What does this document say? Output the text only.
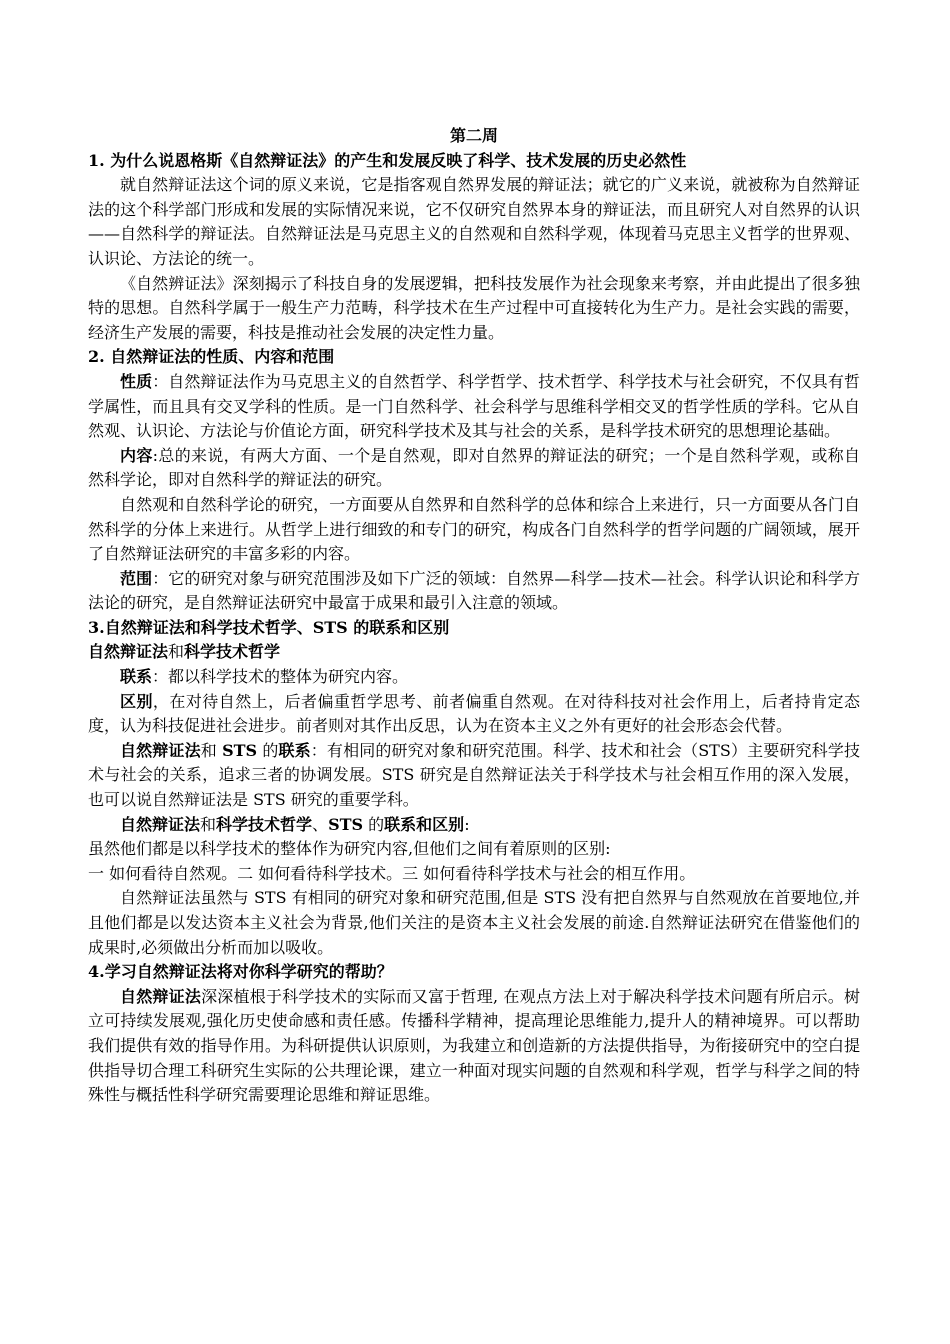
第二周

1. 为什么说恩格斯《自然辩证法》的产生和发展反映了科学、技术发展的历史必然性

就自然辩证法这个词的原义来说，它是指客观自然界发展的辩证法；就它的广义来说，就被称为自然辩证法的这个科学部门形成和发展的实际情况来说，它不仅研究自然界本身的辩证法，而且研究人对自然界的认识——自然科学的辩证法。自然辩证法是马克思主义的自然观和自然科学观，体现着马克思主义哲学的世界观、认识论、方法论的统一。

《自然辨证法》深刻揭示了科技自身的发展逻辑，把科技发展作为社会现象来考察，并由此提出了很多独特的思想。自然科学属于一般生产力范畴，科学技术在生产过程中可直接转化为生产力。是社会实践的需要，经济生产发展的需要，科技是推动社会发展的决定性力量。

2. 自然辩证法的性质、内容和范围

性质：自然辩证法作为马克思主义的自然哲学、科学哲学、技术哲学、科学技术与社会研究，不仅具有哲学属性，而且具有交叉学科的性质。是一门自然科学、社会科学与思维科学相交叉的哲学性质的学科。它从自然观、认识论、方法论与价值论方面，研究科学技术及其与社会的关系，是科学技术研究的思想理论基础。

内容:总的来说，有两大方面、一个是自然观，即对自然界的辩证法的研究；一个是自然科学观，或称自然科学论，即对自然科学的辩证法的研究。

自然观和自然科学论的研究，一方面要从自然界和自然科学的总体和综合上来进行，只一方面要从各门自然科学的分体上来进行。从哲学上进行细致的和专门的研究，构成各门自然科学的哲学问题的广阔领域，展开了自然辩证法研究的丰富多彩的内容。

范围：它的研究对象与研究范围涉及如下广泛的领域：自然界—科学—技术—社会。科学认识论和科学方法论的研究，是自然辩证法研究中最富于成果和最引入注意的领域。

3.自然辩证法和科学技术哲学、STS 的联系和区别

自然辩证法和科学技术哲学

联系：都以科学技术的整体为研究内容。

区别，在对待自然上，后者偏重哲学思考、前者偏重自然观。在对待科技对社会作用上，后者持肯定态度，认为科技促进社会进步。前者则对其作出反思，认为在资本主义之外有更好的社会形态会代替。

自然辩证法和 STS 的联系：有相同的研究对象和研究范围。科学、技术和社会（STS）主要研究科学技术与社会的关系，追求三者的协调发展。STS 研究是自然辩证法关于科学技术与社会相互作用的深入发展，也可以说自然辩证法是 STS 研究的重要学科。

自然辩证法和科学技术哲学、STS 的联系和区别:

虽然他们都是以科学技术的整体作为研究内容,但他们之间有着原则的区别:

一 如何看待自然观。二 如何看待科学技术。三 如何看待科学技术与社会的相互作用。

自然辩证法虽然与 STS 有相同的研究对象和研究范围,但是 STS 没有把自然界与自然观放在首要地位,并且他们都是以发达资本主义社会为背景,他们关注的是资本主义社会发展的前途.自然辩证法研究在借鉴他们的成果时,必须做出分析而加以吸收。

4.学习自然辩证法将对你科学研究的帮助？

自然辩证法深深植根于科学技术的实际而又富于哲理, 在观点方法上对于解决科学技术问题有所启示。树立可持续发展观,强化历史使命感和责任感。传播科学精神，提高理论思维能力,提升人的精神境界。可以帮助我们提供有效的指导作用。为科研提供认识原则，为我建立和创造新的方法提供指导，为衔接研究中的空白提供指导切合理工科研究生实际的公共理论课，建立一种面对现实问题的自然观和科学观，哲学与科学之间的特殊性与概括性科学研究需要理论思维和辩证思维。
